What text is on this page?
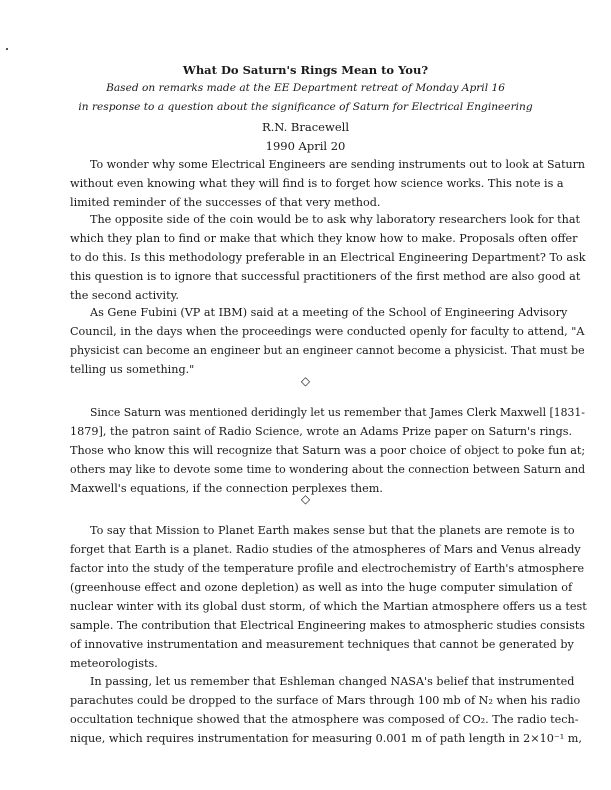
What Do Saturn's Rings Mean to You?
Based on remarks made at the EE Department retreat of Monday April 16
in response to a question about the significance of Saturn for Electrical Engineering
R.N. Bracewell
1990 April 20
To wonder why some Electrical Engineers are sending instruments out to look at Saturn
without even knowing what they will find is to forget how science works. This note is a
limited reminder of the successes of that very method.
The opposite side of the coin would be to ask why laboratory researchers look for that
which they plan to find or make that which they know how to make. Proposals often offer
to do this. Is this methodology preferable in an Electrical Engineering Department? To ask
this question is to ignore that successful practitioners of the first method are also good at
the second activity.
As Gene Fubini (VP at IBM) said at a meeting of the School of Engineering Advisory
Council, in the days when the proceedings were conducted openly for faculty to attend, "A
physicist can become an engineer but an engineer cannot become a physicist. That must be
telling us something."
◇
Since Saturn was mentioned deridingly let us remember that James Clerk Maxwell [1831-
1879], the patron saint of Radio Science, wrote an Adams Prize paper on Saturn's rings.
Those who know this will recognize that Saturn was a poor choice of object to poke fun at;
others may like to devote some time to wondering about the connection between Saturn and
Maxwell's equations, if the connection perplexes them.
◇
To say that Mission to Planet Earth makes sense but that the planets are remote is to
forget that Earth is a planet. Radio studies of the atmospheres of Mars and Venus already
factor into the study of the temperature profile and electrochemistry of Earth's atmosphere
(greenhouse effect and ozone depletion) as well as into the huge computer simulation of
nuclear winter with its global dust storm, of which the Martian atmosphere offers us a test
sample. The contribution that Electrical Engineering makes to atmospheric studies consists
of innovative instrumentation and measurement techniques that cannot be generated by
meteorologists.
In passing, let us remember that Eshleman changed NASA's belief that instrumented
parachutes could be dropped to the surface of Mars through 100 mb of N₂ when his radio
occultation technique showed that the atmosphere was composed of CO₂. The radio tech-
nique, which requires instrumentation for measuring 0.001 m of path length in 2×10⁻¹ m,
